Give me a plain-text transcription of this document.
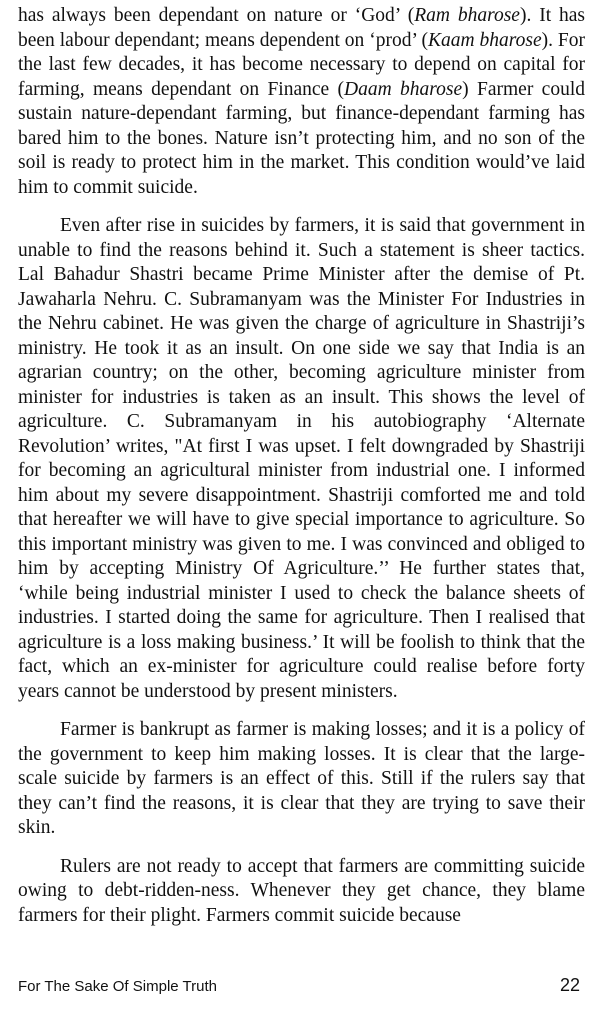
has always been dependant on nature or ‘God’ (Ram bharose). It has been labour dependant; means dependent on ‘prod’ (Kaam bharose). For the last few decades, it has become necessary to depend on capital for farming, means dependant on Finance (Daam bharose) Farmer could sustain nature-dependant farming, but finance-dependant farming has bared him to the bones. Nature isn’t protecting him, and no son of the soil is ready to protect him in the market. This condition would’ve laid him to commit suicide.

Even after rise in suicides by farmers, it is said that government in unable to find the reasons behind it. Such a statement is sheer tactics. Lal Bahadur Shastri became Prime Minister after the demise of Pt. Jawaharla Nehru. C. Subramanyam was the Minister For Industries in the Nehru cabinet. He was given the charge of agriculture in Shastriji’s ministry. He took it as an insult. On one side we say that India is an agrarian country; on the other, becoming agriculture minister from minister for industries is taken as an insult. This shows the level of agriculture. C. Subramanyam in his autobiography ‘Alternate Revolution’ writes, "At first I was upset. I felt downgraded by Shastriji for becoming an agricultural minister from industrial one. I informed him about my severe disappointment. Shastriji comforted me and told that hereafter we will have to give special importance to agriculture. So this important ministry was given to me. I was convinced and obliged to him by accepting Ministry Of Agriculture.’’ He further states that, ‘while being industrial minister I used to check the balance sheets of industries. I started doing the same for agriculture. Then I realised that agriculture is a loss making business.’ It will be foolish to think that the fact, which an ex-minister for agriculture could realise before forty years cannot be understood by present ministers.

Farmer is bankrupt as farmer is making losses; and it is a policy of the government to keep him making losses. It is clear that the large-scale suicide by farmers is an effect of this. Still if the rulers say that they can’t find the reasons, it is clear that they are trying to save their skin.

Rulers are not ready to accept that farmers are committing suicide owing to debt-ridden-ness. Whenever they get chance, they blame farmers for their plight. Farmers commit suicide because

For The Sake Of Simple Truth	22
